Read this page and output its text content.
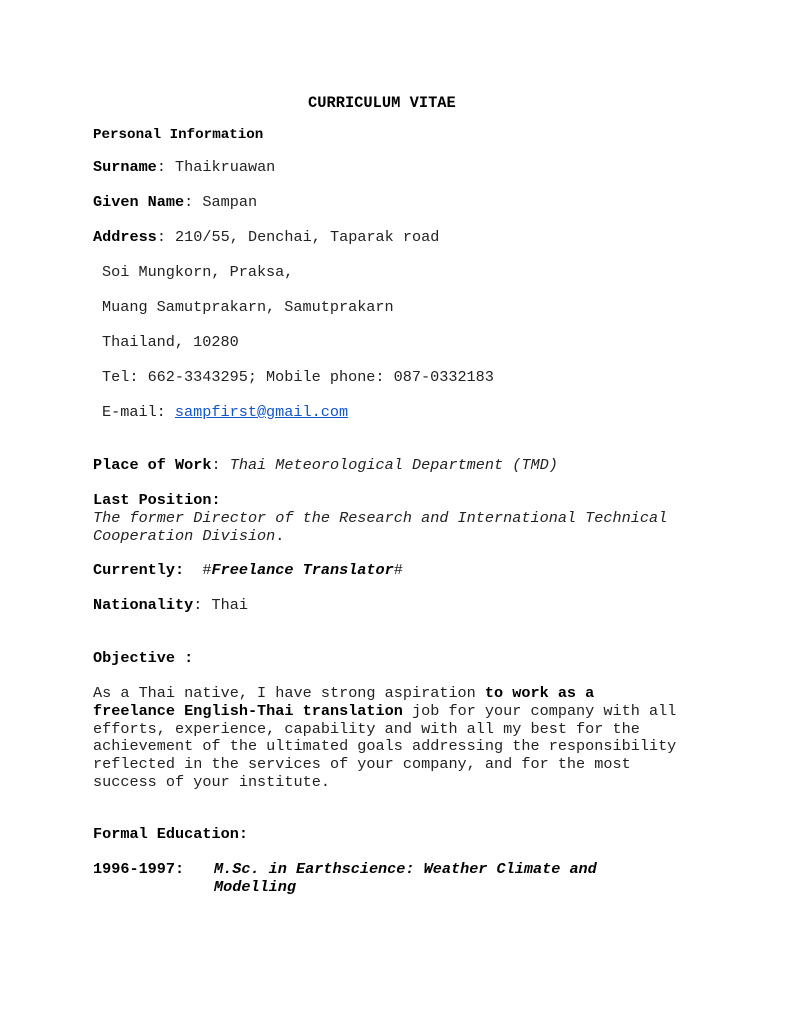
CURRICULUM VITAE
Personal Information
Surname: Thaikruawan
Given Name: Sampan
Address: 210/55, Denchai, Taparak road
Soi Mungkorn, Praksa,
Muang Samutprakarn, Samutprakarn
Thailand, 10280
Tel: 662-3343295; Mobile phone: 087-0332183
E-mail: sampfirst@gmail.com
Place of Work: Thai Meteorological Department (TMD)
Last Position:
The former Director of the Research and International Technical
Cooperation Division.
Currently:  #Freelance Translator#
Nationality: Thai
Objective :
As a Thai native, I have strong aspiration to work as a
freelance English-Thai translation job for your company with all
efforts, experience, capability and with all my best for the
achievement of the ultimated goals addressing the responsibility
reflected in the services of your company, and for the most
success of your institute.
Formal Education:
1996-1997: M.Sc. in Earthscience: Weather Climate and
Modelling
